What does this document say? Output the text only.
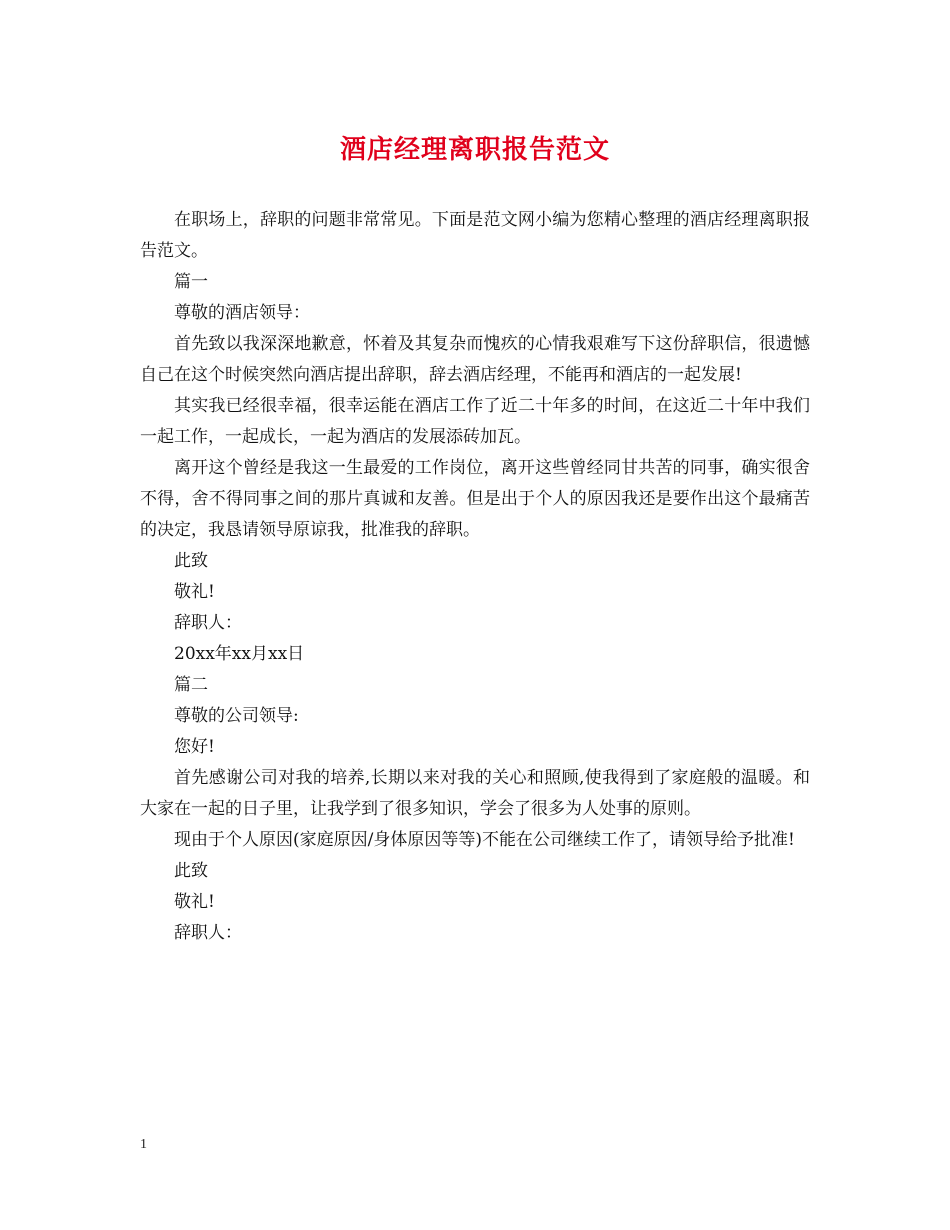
酒店经理离职报告范文

在职场上，辞职的问题非常常见。下面是范文网小编为您精心整理的酒店经理离职报告范文。

篇一

尊敬的酒店领导：

首先致以我深深地歉意，怀着及其复杂而愧疚的心情我艰难写下这份辞职信，很遗憾自己在这个时候突然向酒店提出辞职，辞去酒店经理，不能再和酒店的一起发展!

其实我已经很幸福，很幸运能在酒店工作了近二十年多的时间，在这近二十年中我们一起工作，一起成长，一起为酒店的发展添砖加瓦。

离开这个曾经是我这一生最爱的工作岗位，离开这些曾经同甘共苦的同事，确实很舍不得，舍不得同事之间的那片真诚和友善。但是出于个人的原因我还是要作出这个最痛苦的决定，我恳请领导原谅我，批准我的辞职。

此致

敬礼!

辞职人：

20xx年xx月xx日

篇二

尊敬的公司领导:

您好!

首先感谢公司对我的培养,长期以来对我的关心和照顾,使我得到了家庭般的温暖。和大家在一起的日子里，让我学到了很多知识，学会了很多为人处事的原则。

现由于个人原因(家庭原因/身体原因等等)不能在公司继续工作了，请领导给予批准!

此致

敬礼!

辞职人：

1
